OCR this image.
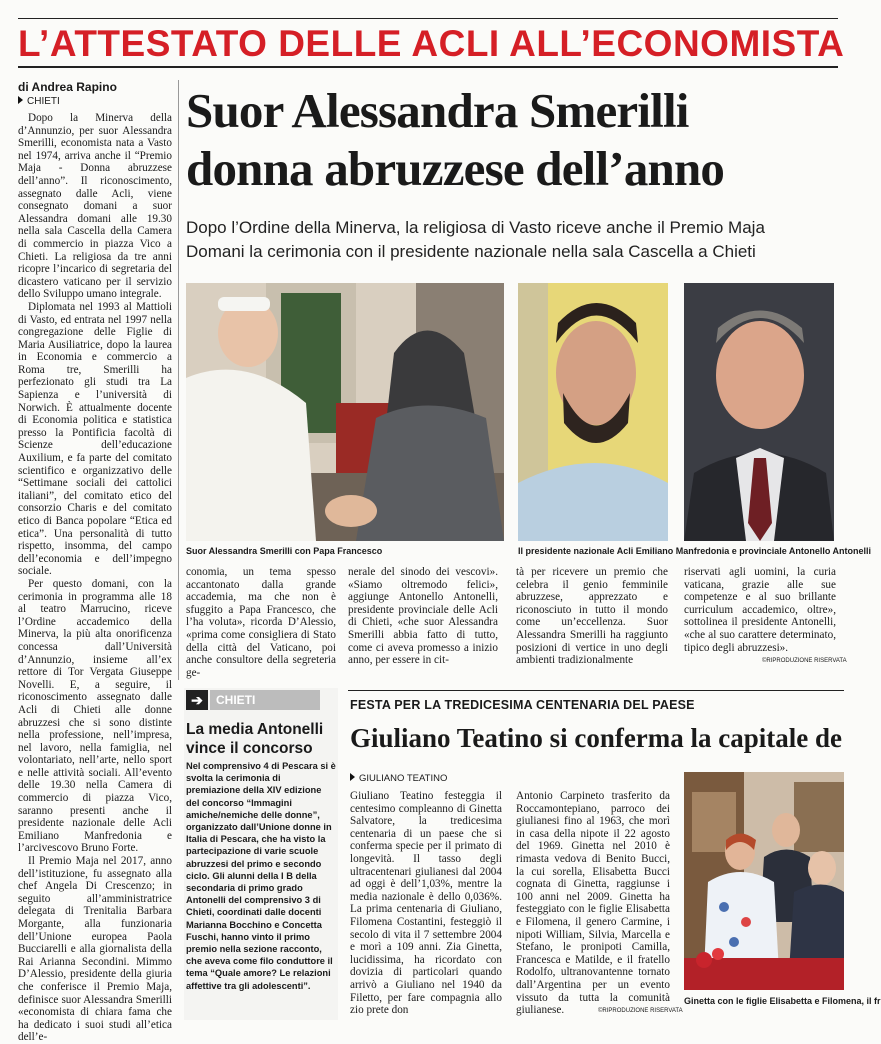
L’ATTESTATO DELLE ACLI ALL’ECONOMISTA
di Andrea Rapino
CHIETI	Suor Alessandra Smerilli
donna abruzzese dell’anno
Dopo l’Ordine della Minerva, la religiosa di Vasto riceve anche il Premio Maja
Domani la cerimonia con il presidente nazionale nella sala Cascella a Chieti

Dopo la Minerva della d’Annunzio, per suor Alessandra Smerilli, economista nata a Vasto nel 1974, arriva anche il “Premio Maja - Donna abruzzese dell’anno”. Il riconoscimento, assegnato dalle Acli, viene consegnato domani a suor Alessandra domani alle 19.30 nella sala Cascella della Camera di commercio in piazza Vico a Chieti. La religiosa da tre anni ricopre l’incarico di segretaria del dicastero vaticano per il servizio dello Sviluppo umano integrale.

Diplomata nel 1993 al Mattioli di Vasto, ed entrata nel 1997 nella congregazione delle Figlie di Maria Ausiliatrice, dopo la laurea in Economia e commercio a Roma tre, Smerilli ha perfezionato gli studi tra La Sapienza e l’università di Norwich. È attualmente docente di Economia politica e statistica presso la Pontificia facoltà di Scienze dell’educazione Auxilium, e fa parte del comitato scientifico e organizzativo delle “Settimane sociali dei cattolici italiani”, del comitato etico del consorzio Charis e del comitato etico di Banca popolare “Etica ed etica”. Una personalità di tutto rispetto, insomma, del campo dell’economia e dell’impegno sociale.

Per questo domani, con la cerimonia in programma alle 18 al teatro Marrucino, riceve l’Ordine accademico della Minerva, la più alta onorificenza concessa dall’Università d’Annunzio, insieme all’ex rettore di Tor Vergata Giuseppe Novelli. E, a seguire, il riconoscimento assegnato dalle Acli di Chieti alle donne abruzzesi che si sono distinte nella professione, nell’impresa, nel lavoro, nella famiglia, nel volontariato, nell’arte, nello sport e nelle attività sociali. All’evento delle 19.30 nella Camera di commercio di piazza Vico, saranno presenti anche il presidente nazionale delle Acli Emiliano Manfredonia e l’arcivescovo Bruno Forte.

Il Premio Maja nel 2017, anno dell’istituzione, fu assegnato alla chef Angela Di Crescenzo; in seguito all’amministratrice delegata di Trenitalia Barbara Morgante, alla funzionaria dell’Unione europea Paola Bucciarelli e alla giornalista della Rai Arianna Secondini. Mimmo D’Alessio, presidente della giuria che conferisce il Premio Maja, definisce suor Alessandra Smerilli «economista di chiara fama che ha dedicato i suoi studi all’etica dell’e-

Suor Alessandra Smerilli con Papa Francesco	Il presidente nazionale Acli Emiliano Manfredonia e provinciale Antonello Antonelli

conomia, un tema spesso accantonato dalla grande accademia, ma che non è sfuggito a Papa Francesco, che l’ha voluta», ricorda D’Alessio, «prima come consigliera di Stato della città del Vaticano, poi anche consultore della segreteria ge-

nerale del sinodo dei vescovi». «Siamo oltremodo felici», aggiunge Antonello Antonelli, presidente provinciale delle Acli di Chieti, «che suor Alessandra Smerilli abbia fatto di tutto, come ci aveva promesso a inizio anno, per essere in cit-

tà per ricevere un premio che celebra il genio femminile abruzzese, apprezzato e riconosciuto in tutto il mondo come un’eccellenza. Suor Alessandra Smerilli ha raggiunto posizioni di vertice in uno degli ambienti tradizionalmente

riservati agli uomini, la curia vaticana, grazie alle sue competenze e al suo brillante curriculum accademico, oltre», sottolinea il presidente Antonelli, «che al suo carattere determinato, tipico degli abruzzesi».

©RIPRODUZIONE RISERVATA
➔	CHIETI
La media Antonelli vince il concorso
Nel comprensivo 4 di Pescara si è svolta la cerimonia di premiazione della XIV edizione del concorso “Immagini amiche/nemiche delle donne”, organizzato dall’Unione donne in Italia di Pescara, che ha visto la partecipazione di varie scuole abruzzesi del primo e secondo ciclo. Gli alunni della I B della secondaria di primo grado Antonelli del comprensivo 3 di Chieti, coordinati dalle docenti Marianna Bocchino e Concetta Fuschi, hanno vinto il primo premio nella sezione racconto, che aveva come filo conduttore il tema “Quale amore? Le relazioni affettive tra gli adolescenti”.
FESTA PER LA TREDICESIMA CENTENARIA DEL PAESE
Giuliano Teatino si conferma la capitale de
GIULIANO TEATINO

Giuliano Teatino festeggia il centesimo compleanno di Ginetta Salvatore, la tredicesima centenaria di un paese che si conferma specie per il primato di longevità. Il tasso degli ultracentenari giulianesi dal 2004 ad oggi è dell’1,03%, mentre la media nazionale è dello 0,036%. La prima centenaria di Giuliano, Filomena Costantini, festeggiò il secolo di vita il 7 settembre 2004 e morì a 109 anni. Zia Ginetta, lucidissima, ha ricordato con dovizia di particolari quando arrivò a Giuliano nel 1940 da Filetto, per fare compagnia allo zio prete don

Antonio Carpineto trasferito da Roccamontepiano, parroco dei giulianesi fino al 1963, che morì in casa della nipote il 22 agosto del 1969. Ginetta nel 2010 è rimasta vedova di Benito Bucci, la cui sorella, Elisabetta Bucci cognata di Ginetta, raggiunse i 100 anni nel 2009. Ginetta ha festeggiato con le figlie Elisabetta e Filomena, il genero Carmine, i nipoti William, Silvia, Marcella e Stefano, le pronipoti Camilla, Francesca e Matilde, e il fratello Rodolfo, ultranovantenne tornato dall’Argentina per un evento vissuto da tutta la comunità giulianese.	©RIPRODUZIONE RISERVATA
Ginetta con le figlie Elisabetta e Filomena, il fr
